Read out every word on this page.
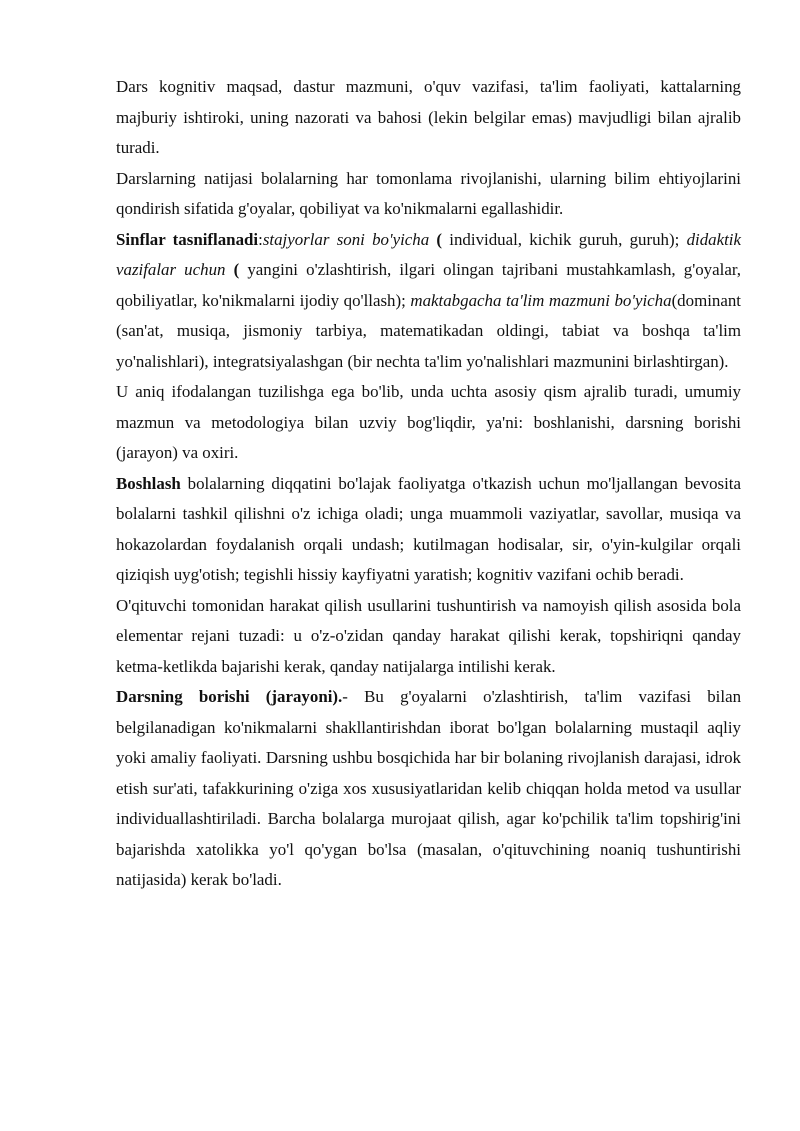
Dars kognitiv maqsad, dastur mazmuni, o'quv vazifasi, ta'lim faoliyati, kattalarning majburiy ishtiroki, uning nazorati va bahosi (lekin belgilar emas) mavjudligi bilan ajralib turadi.

Darslarning natijasi bolalarning har tomonlama rivojlanishi, ularning bilim ehtiyojlarini qondirish sifatida g'oyalar, qobiliyat va ko'nikmalarni egallashidir.

Sinflar tasniflanadi:stajyorlar soni bo'yicha ( individual, kichik guruh, guruh); didaktik vazifalar uchun ( yangini o'zlashtirish, ilgari olingan tajribani mustahkamlash, g'oyalar, qobiliyatlar, ko'nikmalarni ijodiy qo'llash); maktabgacha ta'lim mazmuni bo'yicha(dominant (san'at, musiqa, jismoniy tarbiya, matematikadan oldingi, tabiat va boshqa ta'lim yo'nalishlari), integratsiyalashgan (bir nechta ta'lim yo'nalishlari mazmunini birlashtirgan).

U aniq ifodalangan tuzilishga ega bo'lib, unda uchta asosiy qism ajralib turadi, umumiy mazmun va metodologiya bilan uzviy bog'liqdir, ya'ni: boshlanishi, darsning borishi (jarayon) va oxiri.

Boshlash bolalarning diqqatini bo'lajak faoliyatga o'tkazish uchun mo'ljallangan bevosita bolalarni tashkil qilishni o'z ichiga oladi; unga muammoli vaziyatlar, savollar, musiqa va hokazolardan foydalanish orqali undash; kutilmagan hodisalar, sir, o'yin-kulgilar orqali qiziqish uyg'otish; tegishli hissiy kayfiyatni yaratish; kognitiv vazifani ochib beradi.

O'qituvchi tomonidan harakat qilish usullarini tushuntirish va namoyish qilish asosida bola elementar rejani tuzadi: u o'z-o'zidan qanday harakat qilishi kerak, topshiriqni qanday ketma-ketlikda bajarishi kerak, qanday natijalarga intilishi kerak.

Darsning borishi (jarayoni).- Bu g'oyalarni o'zlashtirish, ta'lim vazifasi bilan belgilanadigan ko'nikmalarni shakllantirishdan iborat bo'lgan bolalarning mustaqil aqliy yoki amaliy faoliyati. Darsning ushbu bosqichida har bir bolaning rivojlanish darajasi, idrok etish sur'ati, tafakkurining o'ziga xos xususiyatlaridan kelib chiqqan holda metod va usullar individuallashtiriladi. Barcha bolalarga murojaat qilish, agar ko'pchilik ta'lim topshirig'ini bajarishda xatolikka yo'l qo'ygan bo'lsa (masalan, o'qituvchining noaniq tushuntirishi natijasida) kerak bo'ladi.
